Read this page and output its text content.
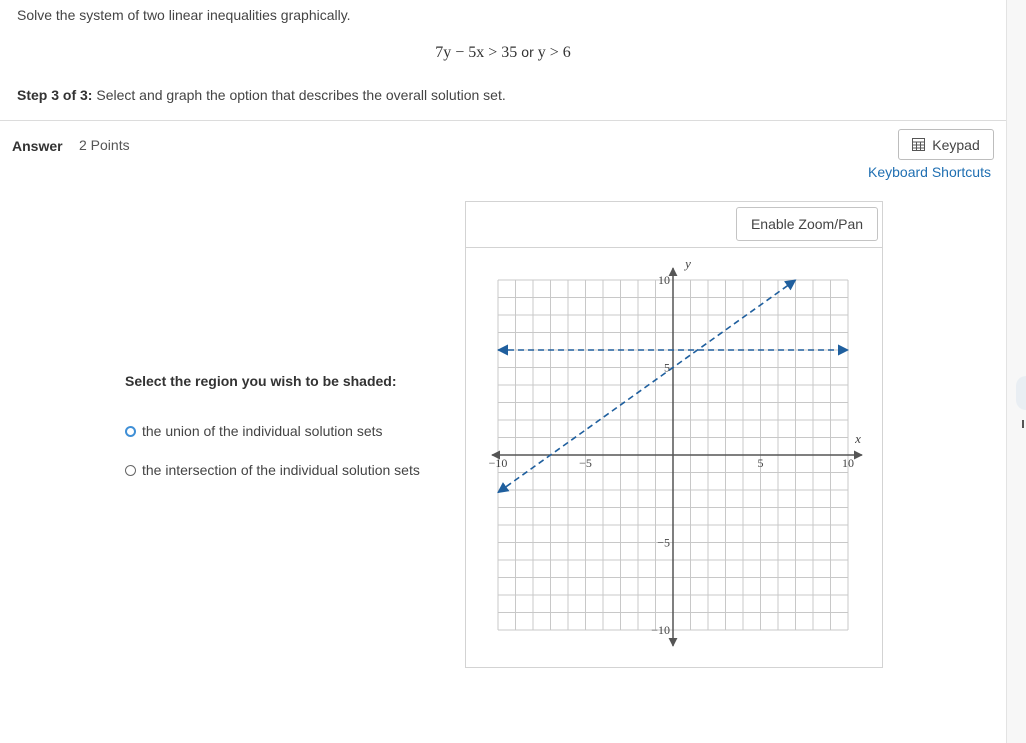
Solve the system of two linear inequalities graphically.
7y − 5x > 35 or y > 6
Step 3 of 3: Select and graph the option that describes the overall solution set.
Answer 2 Points	Keypad
Keyboard Shortcuts
Select the region you wish to be shaded:
the union of the individual solution sets
the intersection of the individual solution sets
Enable Zoom/Pan
−10	−5	5	10
10
5
−5
−10
x
y
